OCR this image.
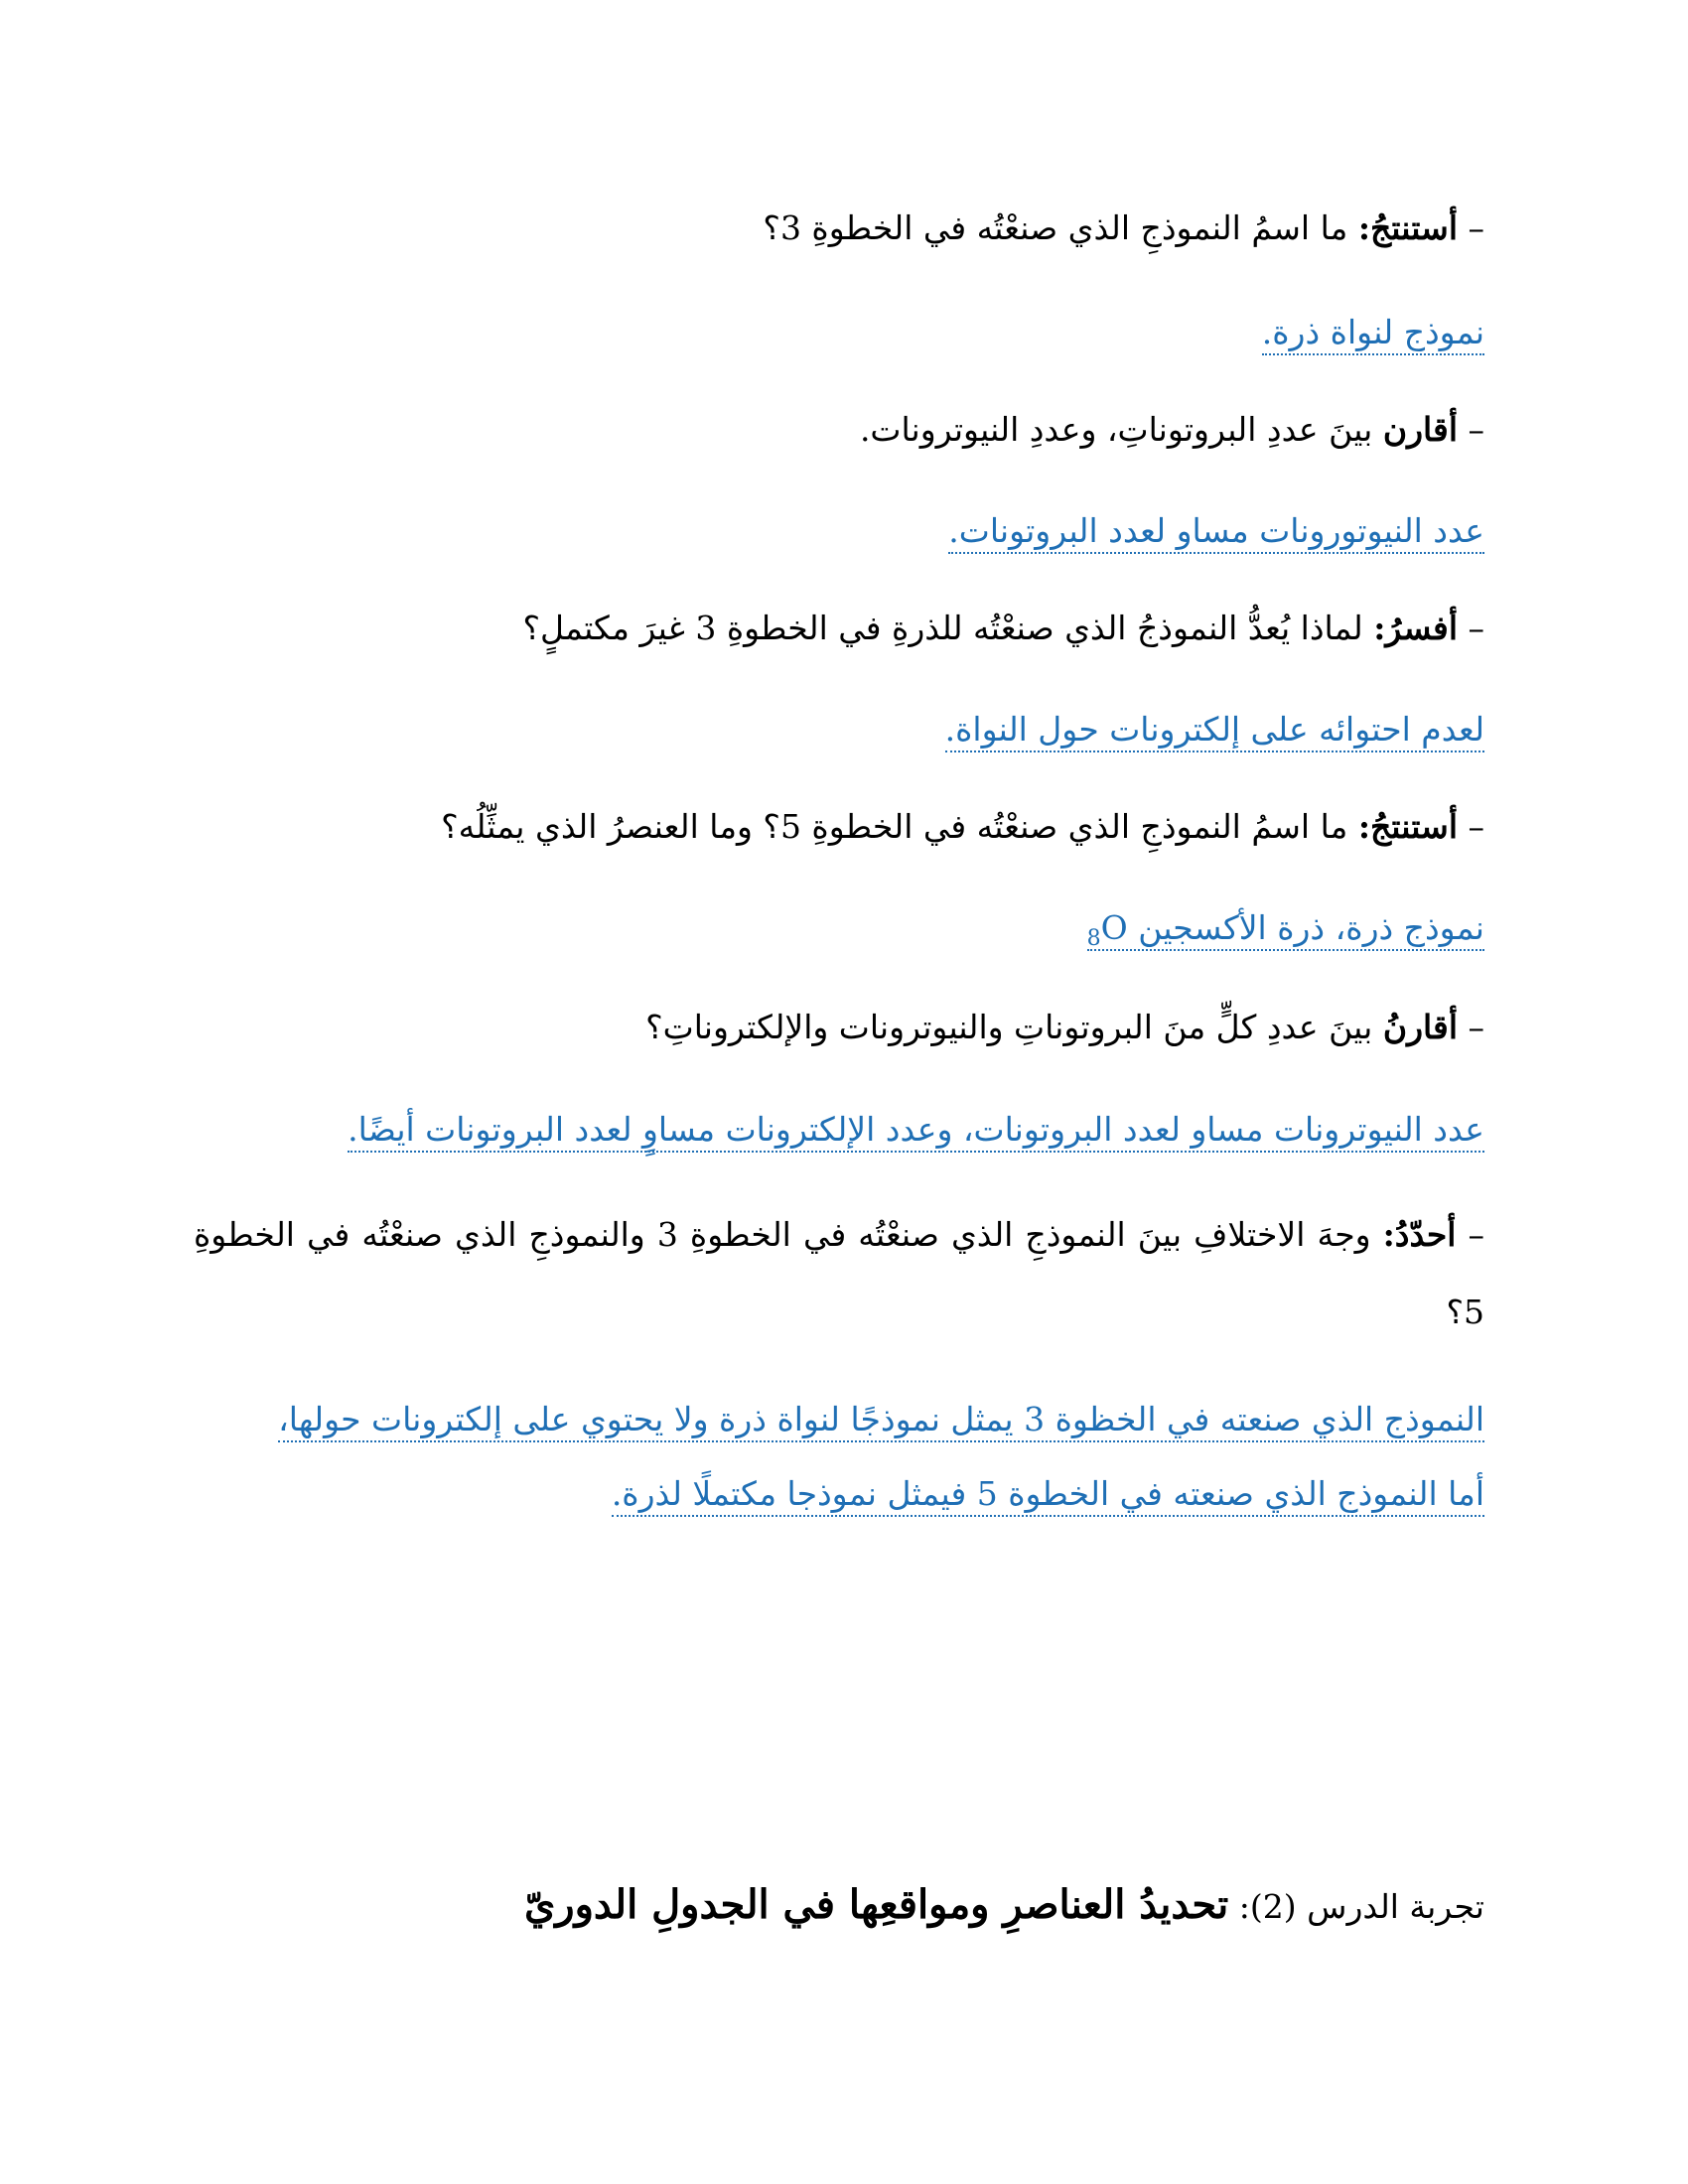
– أستنتجُ: ما اسمُ النموذجِ الذي صنعْتُه في الخطوةِ 3؟
نموذج لنواة ذرة.
– أقارن بينَ عددِ البروتوناتِ، وعددِ النيوترونات.
عدد النيوتورونات مساو لعدد البروتونات.
– أفسرُ: لماذا يُعدُّ النموذجُ الذي صنعْتُه للذرةِ في الخطوةِ 3 غيرَ مكتملٍ؟
لعدم احتوائه على إلكترونات حول النواة.
– أستنتجُ: ما اسمُ النموذجِ الذي صنعْتُه في الخطوةِ 5؟ وما العنصرُ الذي يمثِّلُه؟
نموذج ذرة، ذرة الأكسجين $_8$O
– أقارنُ بينَ عددِ كلٍّ منَ البروتوناتِ والنيوترونات والإلكتروناتِ؟
عدد النيوترونات مساو لعدد البروتونات، وعدد الإلكترونات مساوٍ لعدد البروتونات أيضًا.
– أحدّدُ: وجهَ الاختلافِ بينَ النموذجِ الذي صنعْتُه في الخطوةِ 3 والنموذجِ الذي صنعْتُه في الخطوةِ 5؟
النموذج الذي صنعته في الخظوة 3 يمثل نموذجًا لنواة ذرة ولا يحتوي على إلكترونات حولها،
أما النموذج الذي صنعته في الخطوة 5 فيمثل نموذجا مكتملًا لذرة.
تجربة الدرس (2): تحديدُ العناصرِ ومواقعِها في الجدولِ الدوريّ
